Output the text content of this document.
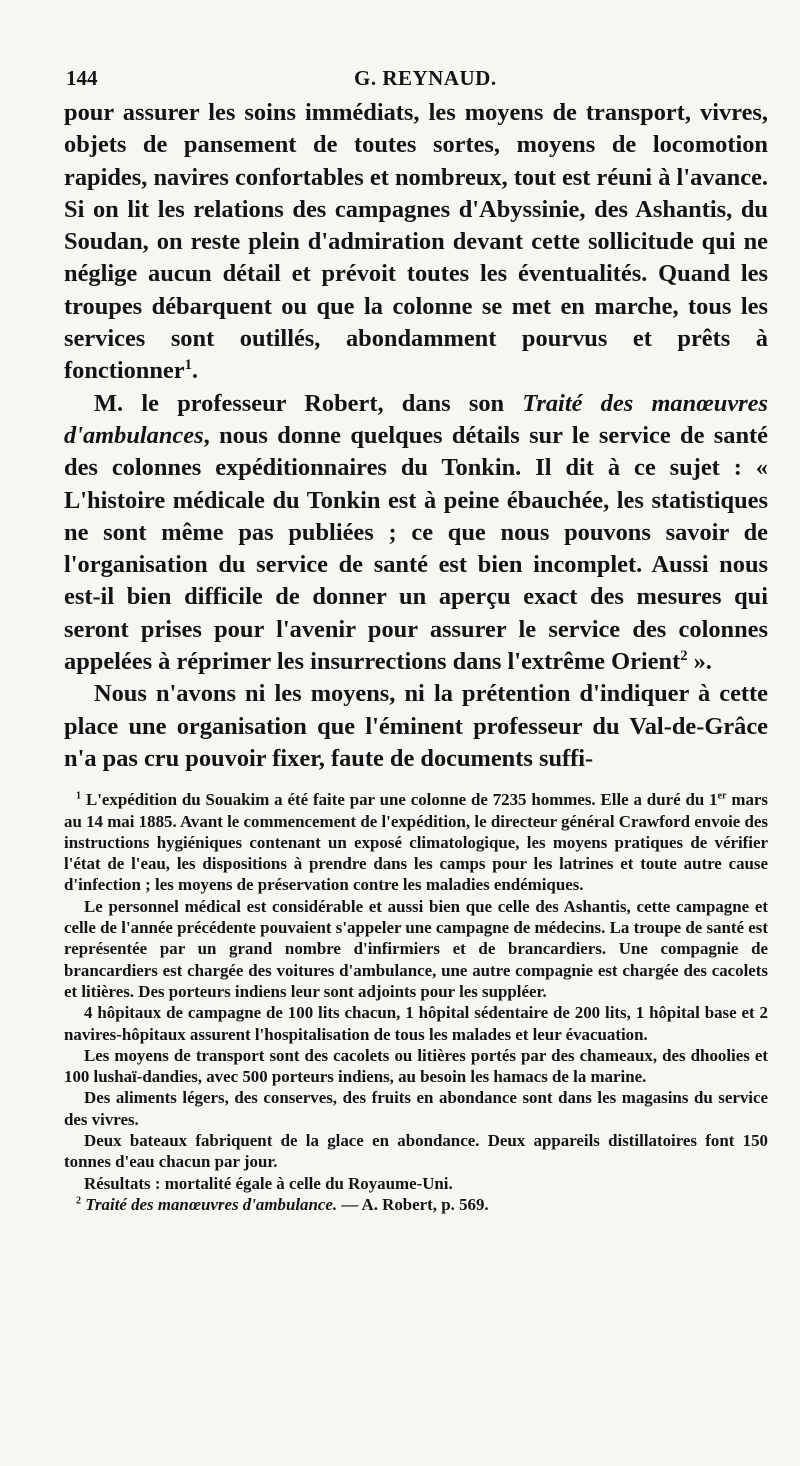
144	G. REYNAUD.

pour assurer les soins immédiats, les moyens de transport, vivres, objets de pansement de toutes sortes, moyens de locomotion rapides, navires confortables et nombreux, tout est réuni à l'avance. Si on lit les relations des campagnes d'Abyssinie, des Ashantis, du Soudan, on reste plein d'admiration devant cette sollicitude qui ne néglige aucun détail et prévoit toutes les éventualités. Quand les troupes débarquent ou que la colonne se met en marche, tous les services sont outillés, abondamment pourvus et prêts à fonctionner$^1$.

M. le professeur Robert, dans son Traité des manœuvres d'ambulances, nous donne quelques détails sur le service de santé des colonnes expéditionnaires du Tonkin. Il dit à ce sujet : « L'histoire médicale du Tonkin est à peine ébauchée, les statistiques ne sont même pas publiées ; ce que nous pouvons savoir de l'organisation du service de santé est bien incomplet. Aussi nous est-il bien difficile de donner un aperçu exact des mesures qui seront prises pour l'avenir pour assurer le service des colonnes appelées à réprimer les insurrections dans l'extrême Orient$^2$ ».

Nous n'avons ni les moyens, ni la prétention d'indiquer à cette place une organisation que l'éminent professeur du Val-de-Grâce n'a pas cru pouvoir fixer, faute de documents suffi-

$^1$ L'expédition du Souakim a été faite par une colonne de 7235 hommes. Elle a duré du 1er mars au 14 mai 1885. Avant le commencement de l'expédition, le directeur général Crawford envoie des instructions hygiéniques contenant un exposé climatologique, les moyens pratiques de vérifier l'état de l'eau, les dispositions à prendre dans les camps pour les latrines et toute autre cause d'infection ; les moyens de préservation contre les maladies endémiques.

Le personnel médical est considérable et aussi bien que celle des Ashantis, cette campagne et celle de l'année précédente pouvaient s'appeler une campagne de médecins. La troupe de santé est représentée par un grand nombre d'infirmiers et de brancardiers. Une compagnie de brancardiers est chargée des voitures d'ambulance, une autre compagnie est chargée des cacolets et litières. Des porteurs indiens leur sont adjoints pour les suppléer.

4 hôpitaux de campagne de 100 lits chacun, 1 hôpital sédentaire de 200 lits, 1 hôpital base et 2 navires-hôpitaux assurent l'hospitalisation de tous les malades et leur évacuation.

Les moyens de transport sont des cacolets ou litières portés par des chameaux, des dhoolies et 100 lushaï-dandies, avec 500 porteurs indiens, au besoin les hamacs de la marine.

Des aliments légers, des conserves, des fruits en abondance sont dans les magasins du service des vivres.

Deux bateaux fabriquent de la glace en abondance. Deux appareils distillatoires font 150 tonnes d'eau chacun par jour.

Résultats : mortalité égale à celle du Royaume-Uni.

$^2$ Traité des manœuvres d'ambulance. — A. Robert, p. 569.
